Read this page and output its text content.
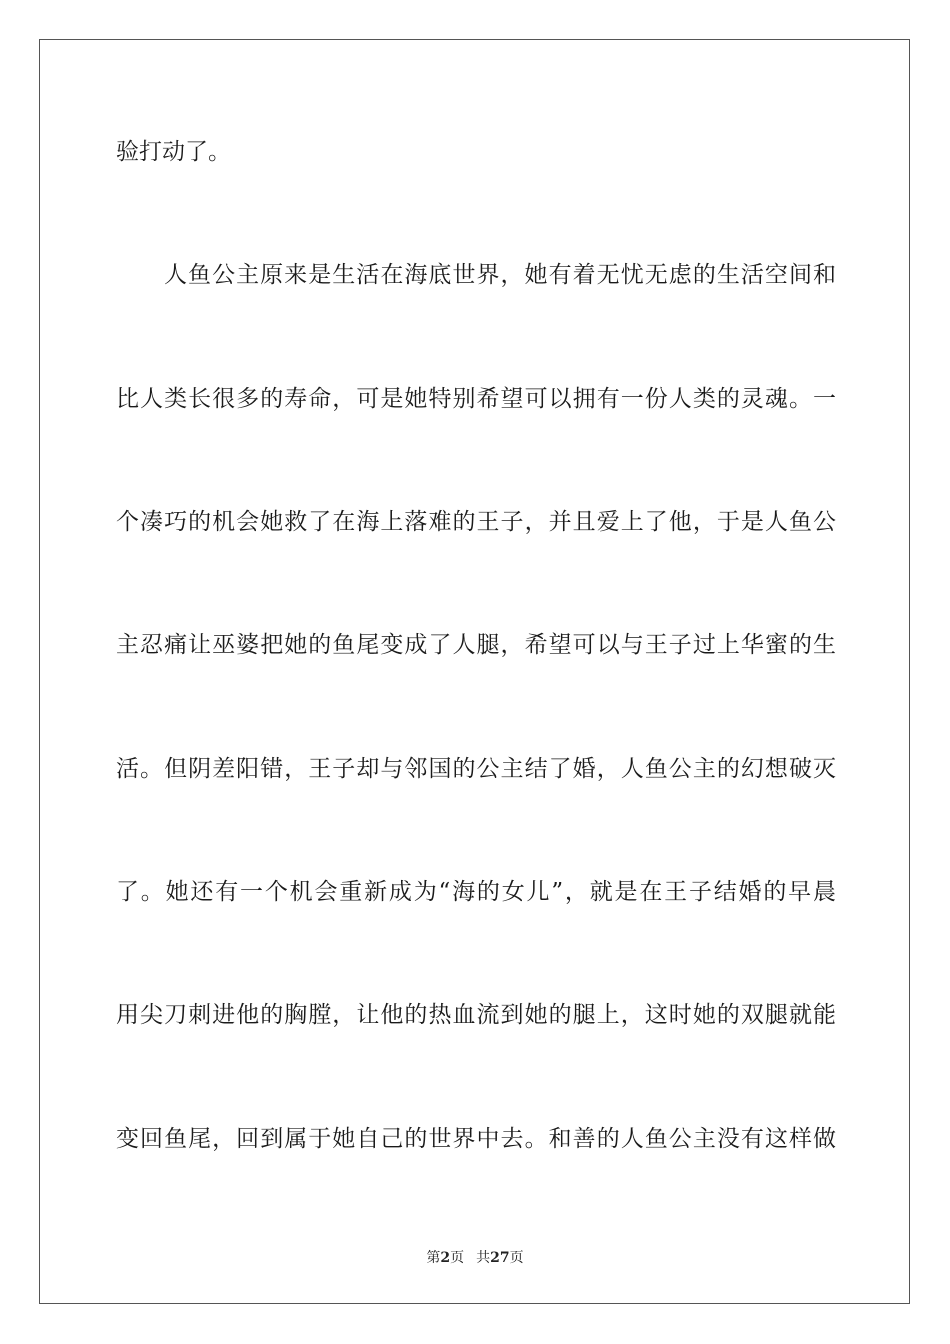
验打动了。
人鱼公主原来是生活在海底世界，她有着无忧无虑的生活空间和
比人类长很多的寿命，可是她特别希望可以拥有一份人类的灵魂。一
个凑巧的机会她救了在海上落难的王子，并且爱上了他，于是人鱼公
主忍痛让巫婆把她的鱼尾变成了人腿，希望可以与王子过上华蜜的生
活。但阴差阳错，王子却与邻国的公主结了婚，人鱼公主的幻想破灭
了。她还有一个机会重新成为“海的女儿”，就是在王子结婚的早晨
用尖刀刺进他的胸膛，让他的热血流到她的腿上，这时她的双腿就能
变回鱼尾，回到属于她自己的世界中去。和善的人鱼公主没有这样做
第2页 共27页
